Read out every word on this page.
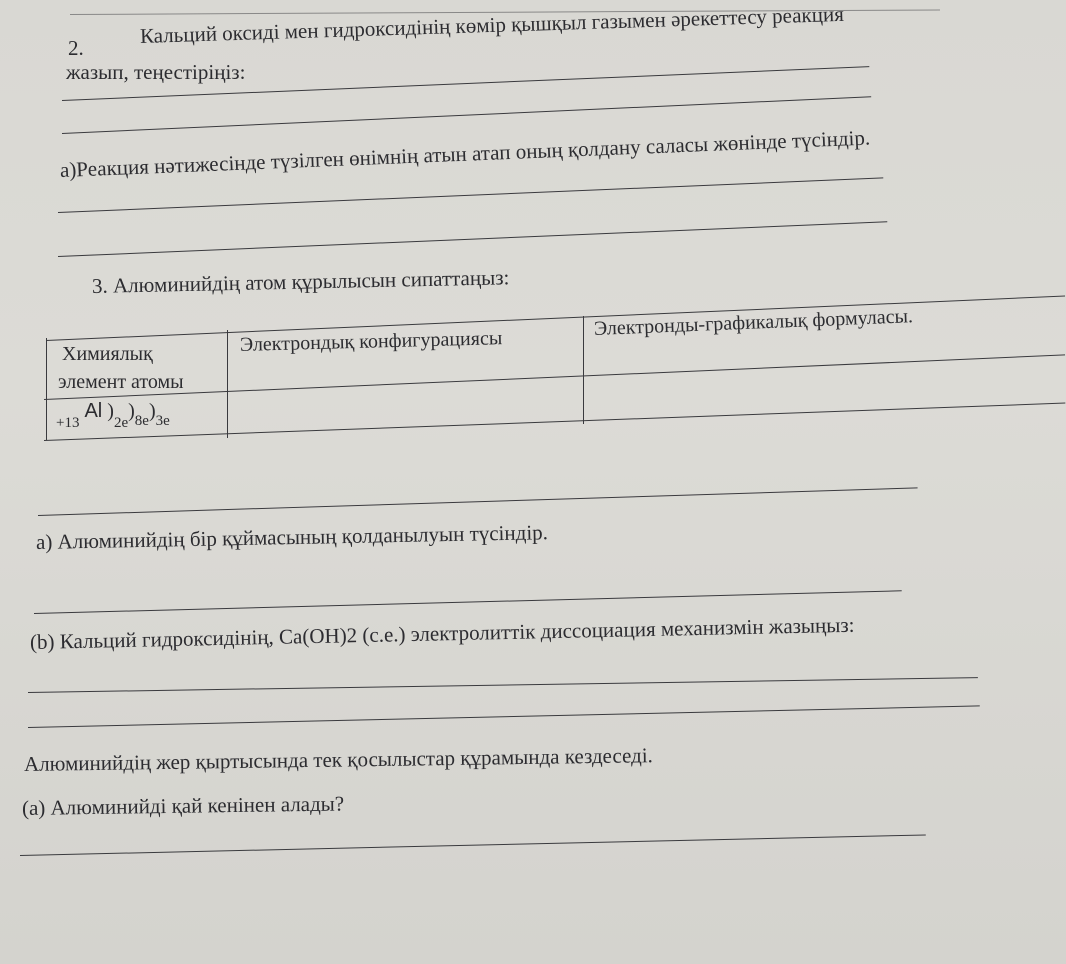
2.
Кальций оксиді мен гидроксидінің көмір қышқыл газымен әрекеттесу реакция
жазып, теңестіріңіз:
а)Реакция нәтижесінде түзілген өнімнің атын атап оның қолдану саласы жөнінде түсіндір.
3. Алюминийдің атом құрылысын сипаттаңыз:
Химиялық
элемент атомы
Электрондық конфигурациясы
Электронды-графикалық формуласы.
$_{+13}$ Al )$_{2e})_{8e})_{3e}$
а) Алюминийдің бір құймасының қолданылуын түсіндір.
(b) Кальций гидроксидінің, Ca(OH)2 (с.е.) электролиттік диссоциация механизмін жазыңыз:
Алюминийдің жер қыртысында тек қосылыстар құрамында кездеседі.
(а) Алюминийді қай кенінен алады?
